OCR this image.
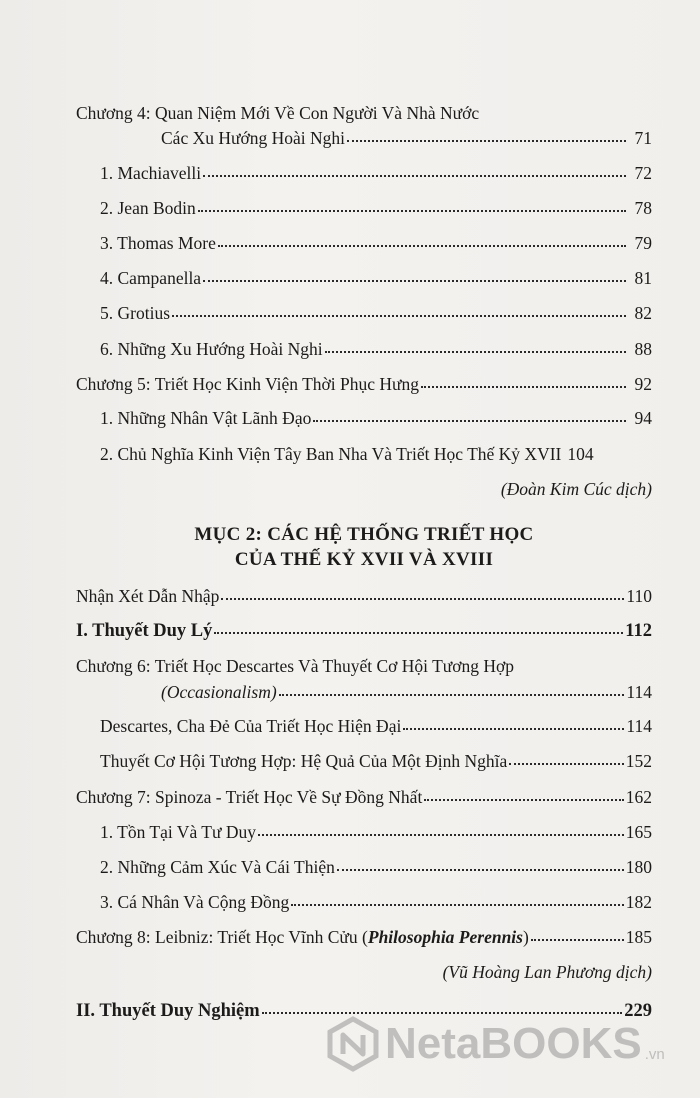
Chương 4: Quan Niệm Mới Về Con Người Và Nhà Nước
Các Xu Hướng Hoài Nghi	71
1. Machiavelli	72
2. Jean Bodin	78
3. Thomas More	79
4. Campanella	81
5. Grotius	82
6. Những Xu Hướng Hoài Nghi	88
Chương 5: Triết Học Kinh Viện Thời Phục Hưng	92
1. Những Nhân Vật Lãnh Đạo	94
2. Chủ Nghĩa Kinh Viện Tây Ban Nha Và Triết Học Thế Kỷ XVII 104
(Đoàn Kim Cúc dịch)
MỤC 2: CÁC HỆ THỐNG TRIẾT HỌC
CỦA THẾ KỶ XVII VÀ XVIII
Nhận Xét Dẫn Nhập	110
I. Thuyết Duy Lý	112
Chương 6: Triết Học Descartes Và Thuyết Cơ Hội Tương Hợp
(Occasionalism)	114
Descartes, Cha Đẻ Của Triết Học Hiện Đại	114
Thuyết Cơ Hội Tương Hợp: Hệ Quả Của Một Định Nghĩa	152
Chương 7: Spinoza - Triết Học Về Sự Đồng Nhất	162
1. Tồn Tại Và Tư Duy	165
2. Những Cảm Xúc Và Cái Thiện	180
3. Cá Nhân Và Cộng Đồng	182
Chương 8: Leibniz: Triết Học Vĩnh Cửu (Philosophia Perennis)	185
(Vũ Hoàng Lan Phương dịch)
II. Thuyết Duy Nghiệm	229
NetaBOOKS .vn
